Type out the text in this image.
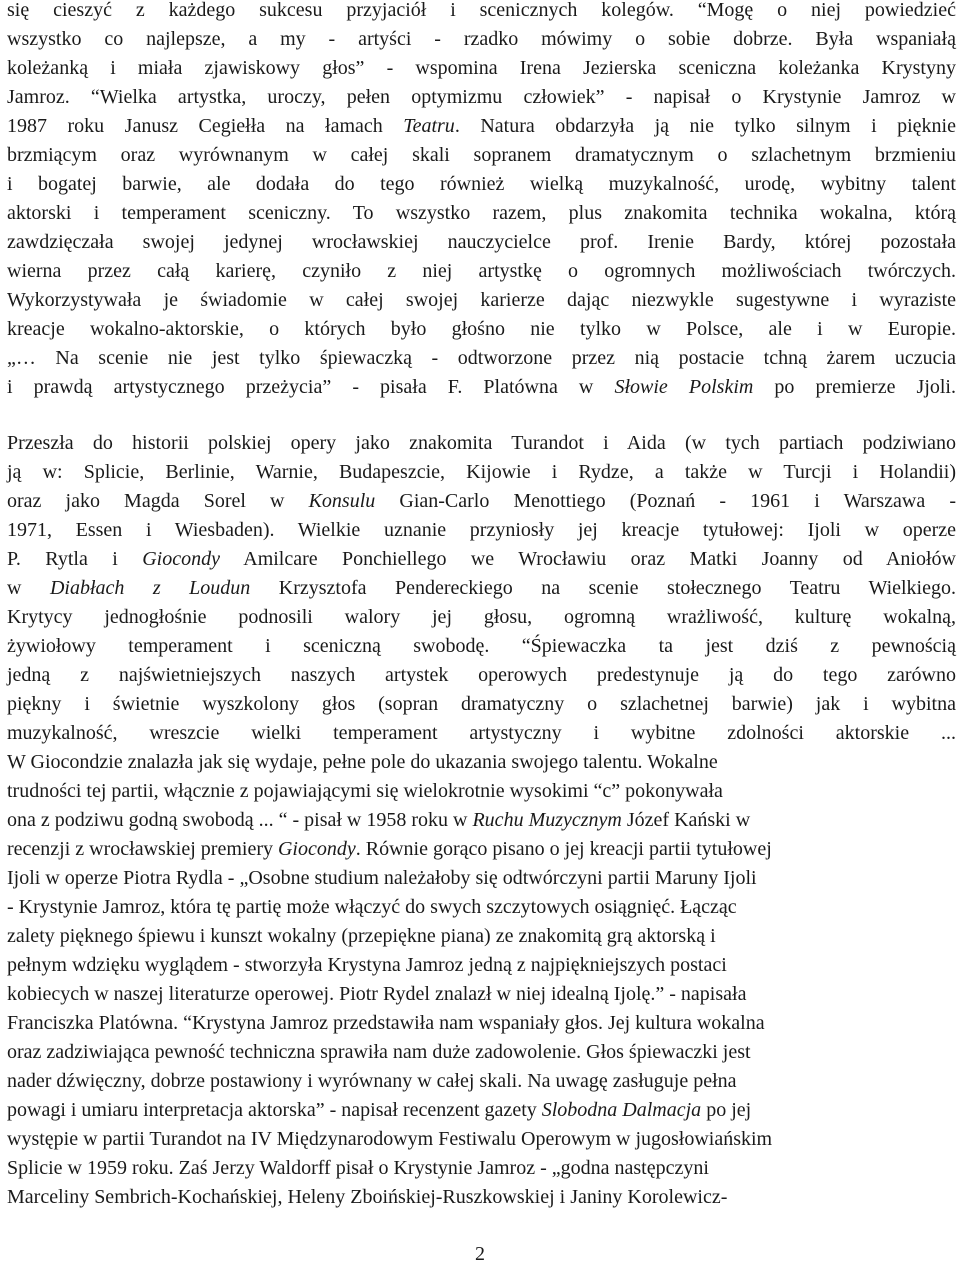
się cieszyć z każdego sukcesu przyjaciół i scenicznych kolegów. “Mogę o niej powiedzieć
wszystko co najlepsze, a my - artyści - rzadko mówimy o sobie dobrze. Była wspaniałą
koleżanką i miała zjawiskowy głos” - wspomina Irena Jezierska sceniczna koleżanka Krystyny
Jamroz. “Wielka artystka, uroczy, pełen optymizmu człowiek” - napisał o Krystynie Jamroz w
1987 roku Janusz Cegiełła na łamach Teatru. Natura obdarzyła ją nie tylko silnym i pięknie
brzmiącym oraz wyrównanym w całej skali sopranem dramatycznym o szlachetnym brzmieniu
i bogatej barwie, ale dodała do tego również wielką muzykalność, urodę, wybitny talent
aktorski i temperament sceniczny. To wszystko razem, plus znakomita technika wokalna, którą
zawdzięczała swojej jedynej wrocławskiej nauczycielce prof. Irenie Bardy, której pozostała
wierna przez całą karierę, czyniło z niej artystkę o ogromnych możliwościach twórczych.
Wykorzystywała je świadomie w całej swojej karierze dając niezwykle sugestywne i wyraziste
kreacje wokalno-aktorskie, o których było głośno nie tylko w Polsce, ale i w Europie.
„… Na scenie nie jest tylko śpiewaczką - odtworzone przez nią postacie tchną żarem uczucia
i prawdą artystycznego przeżycia” - pisała F. Platówna w Słowie Polskim po premierze Jjoli.
Przeszła do historii polskiej opery jako znakomita Turandot i Aida (w tych partiach podziwiano
ją w: Splicie, Berlinie, Warnie, Budapeszcie, Kijowie i Rydze, a także w Turcji i Holandii)
oraz jako Magda Sorel w Konsulu Gian-Carlo Menottiego (Poznań - 1961 i Warszawa -
1971, Essen i Wiesbaden). Wielkie uznanie przyniosły jej kreacje tytułowej: Ijoli w operze
P. Rytla i Giocondy Amilcare Ponchiellego we Wrocławiu oraz Matki Joanny od Aniołów
w Diabłach z Loudun Krzysztofa Pendereckiego na scenie stołecznego Teatru Wielkiego.
Krytycy jednogłośnie podnosili walory jej głosu, ogromną wrażliwość, kulturę wokalną,
żywiołowy temperament i sceniczną swobodę. “Śpiewaczka ta jest dziś z pewnością
jedną z najświetniejszych naszych artystek operowych predestynuje ją do tego zarówno
piękny i świetnie wyszkolony głos (sopran dramatyczny o szlachetnej barwie) jak i wybitna
muzykalność, wreszcie wielki temperament artystyczny i wybitne zdolności aktorskie ...
W Giocondzie znalazła jak się wydaje, pełne pole do ukazania swojego talentu. Wokalne
trudności tej partii, włącznie z pojawiającymi się wielokrotnie wysokimi “c” pokonywała
ona z podziwu godną swobodą ... “ - pisał w 1958 roku w Ruchu Muzycznym Józef Kański w
recenzji z wrocławskiej premiery Giocondy. Równie gorąco pisano o jej kreacji partii tytułowej
Ijoli w operze Piotra Rydla - „Osobne studium należałoby się odtwórczyni partii Maruny Ijoli
- Krystynie Jamroz, która tę partię może włączyć do swych szczytowych osiągnięć. Łącząc
zalety pięknego śpiewu i kunszt wokalny (przepiękne piana) ze znakomitą grą aktorską i
pełnym wdzięku wyglądem - stworzyła Krystyna Jamroz jedną z najpiękniejszych postaci
kobiecych w naszej literaturze operowej. Piotr Rydel znalazł w niej idealną Ijolę.” - napisała
Franciszka Platówna. “Krystyna Jamroz przedstawiła nam wspaniały głos. Jej kultura wokalna
oraz zadziwiająca pewność techniczna sprawiła nam duże zadowolenie. Głos śpiewaczki jest
nader dźwięczny, dobrze postawiony i wyrównany w całej skali. Na uwagę zasługuje pełna
powagi i umiaru interpretacja aktorska” - napisał recenzent gazety Slobodna Dalmacja po jej
występie w partii Turandot na IV Międzynarodowym Festiwalu Operowym w jugosłowiańskim
Splicie w 1959 roku. Zaś Jerzy Waldorff pisał o Krystynie Jamroz - „godna następczyni
Marceliny Sembrich-Kochańskiej, Heleny Zboińskiej-Ruszkowskiej i Janiny Korolewicz-
2
